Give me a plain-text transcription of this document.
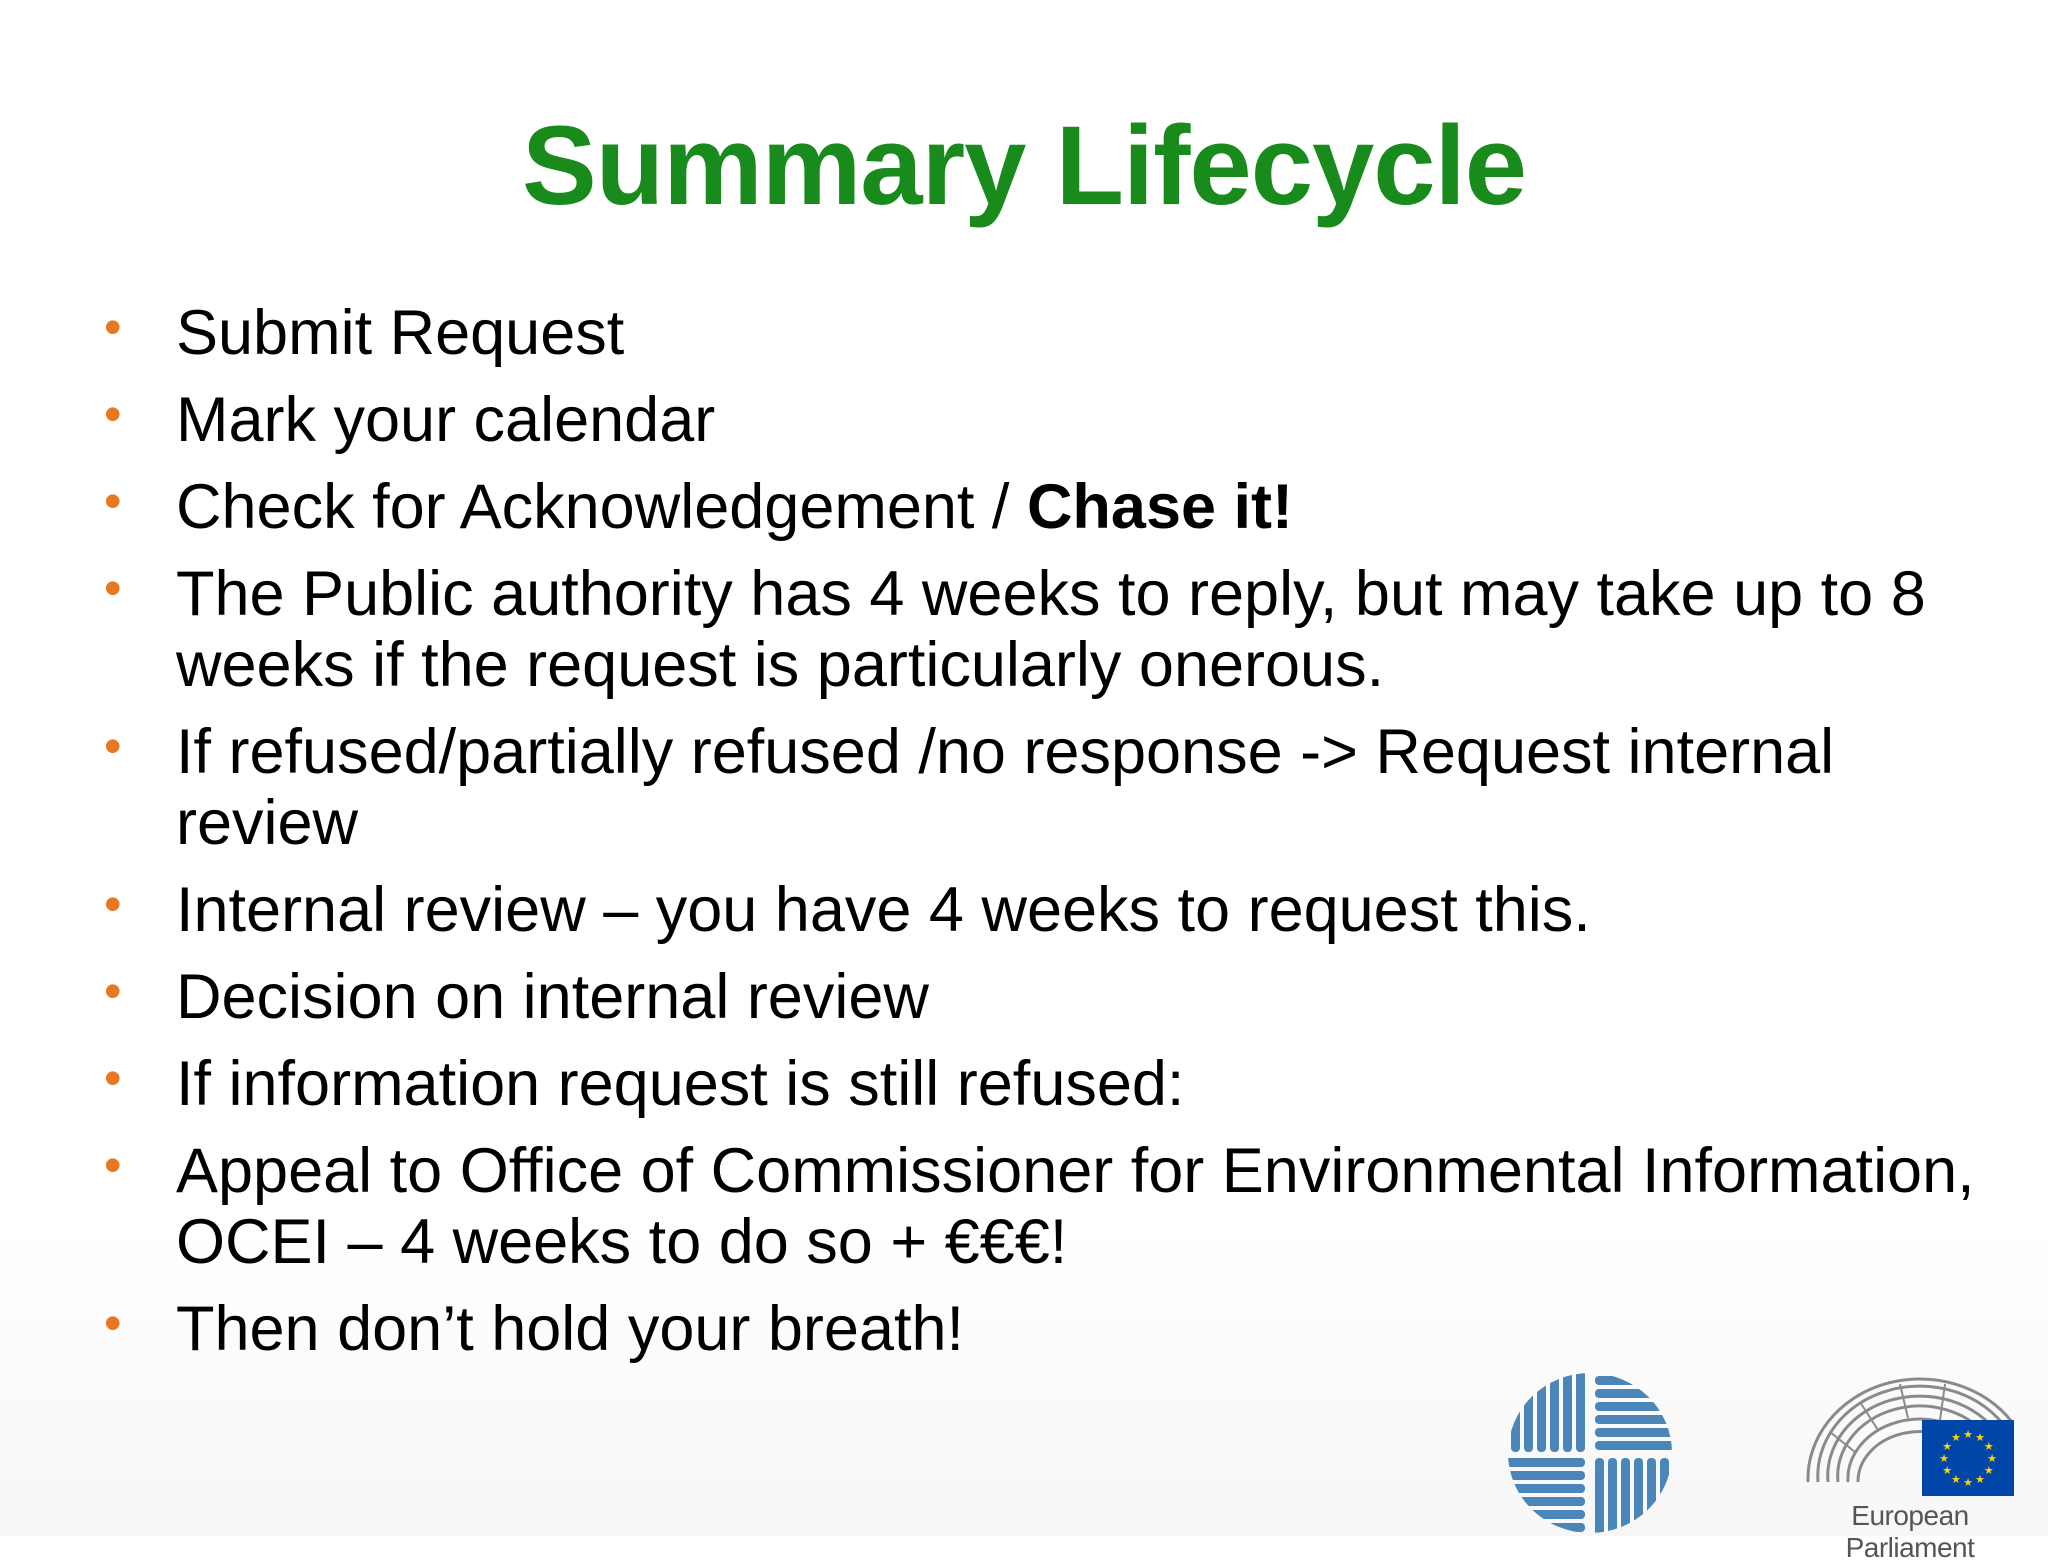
Summary Lifecycle
• Submit Request
• Mark your calendar
• Check for Acknowledgement / Chase it!
• The Public authority has 4 weeks to reply, but may take up to 8 weeks if the request is particularly onerous.
• If refused/partially refused /no response -> Request internal review
• Internal review – you have 4 weeks to request this.
• Decision on internal review
• If information request is still refused:
• Appeal to Office of Commissioner for Environmental Information, OCEI – 4 weeks to do so + €€€!
• Then don’t hold your breath!
★
★
★
★
★
★
★
★
★ ★ ★
★
European Parliament
